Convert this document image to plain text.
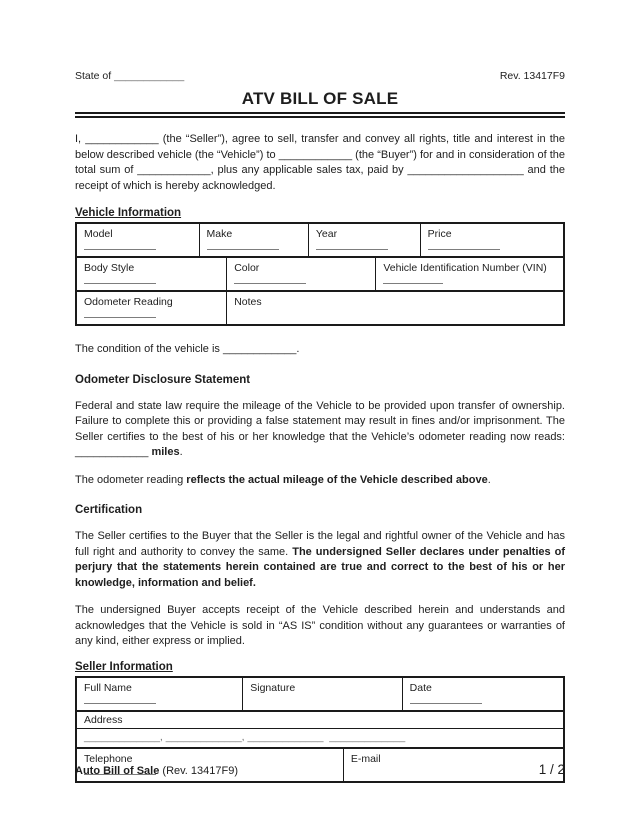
State of ____________	Rev. 13417F9
ATV BILL OF SALE

I, ____________ (the “Seller”), agree to sell, transfer and convey all rights, title and interest in the below described vehicle (the “Vehicle”) to ____________ (the “Buyer”) for and in consideration of the total sum of ____________, plus any applicable sales tax, paid by ___________________ and the receipt of which is hereby acknowledged.

Vehicle Information
Model	Make	Year	Price
Body Style	Color	Vehicle Identification Number (VIN)
Odometer Reading	Notes

The condition of the vehicle is ____________.

Odometer Disclosure Statement

Federal and state law require the mileage of the Vehicle to be provided upon transfer of ownership. Failure to complete this or providing a false statement may result in fines and/or imprisonment. The Seller certifies to the best of his or her knowledge that the Vehicle’s odometer reading now reads: ____________ miles.

The odometer reading reflects the actual mileage of the Vehicle described above.

Certification

The Seller certifies to the Buyer that the Seller is the legal and rightful owner of the Vehicle and has full right and authority to convey the same. The undersigned Seller declares under penalties of perjury that the statements herein contained are true and correct to the best of his or her knowledge, information and belief.

The undersigned Buyer accepts receipt of the Vehicle described herein and understands and acknowledges that the Vehicle is sold in “AS IS” condition without any guarantees or warranties of any kind, either express or implied.

Seller Information
Full Name	Signature	Date
Address
_____________, _____________, _____________  _____________
Telephone	E-mail
Auto Bill of Sale (Rev. 13417F9)	1 / 2
